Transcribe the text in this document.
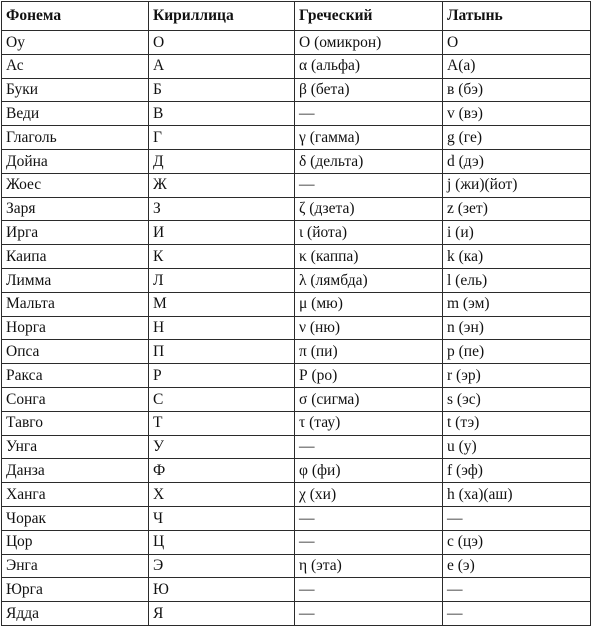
Фонема	Кириллица	Греческий	Латынь
Оу	О	Ο (омикрон)	O
Ас	А	α (альфа)	A(a)
Буки	Б	β (бета)	в (бэ)
Веди	В	—	v (вэ)
Глаголь	Г	γ (гамма)	g (ге)
Дойна	Д	δ (дельта)	d (дэ)
Жоес	Ж	—	j (жи)(йот)
Заря	З	ζ (дзета)	z (зет)
Ирга	И	ι (йота)	i (и)
Каипа	К	κ (каппа)	k (ка)
Лимма	Л	λ (лямбда)	l (ель)
Мальта	М	μ (мю)	m (эм)
Норга	Н	ν (ню)	n (эн)
Опса	П	π (пи)	p (пе)
Ракса	Р	Ρ (ро)	r (эр)
Сонга	С	σ (сигма)	s (эс)
Тавго	Т	τ (тау)	t (тэ)
Унга	У	—	u (у)
Данза	Ф	φ (фи)	f (эф)
Ханга	Х	χ (хи)	h (ха)(аш)
Чорак	Ч	—	—
Цор	Ц	—	c (цэ)
Энга	Э	η (эта)	e (э)
Юрга	Ю	—	—
Ядда	Я	—	—
